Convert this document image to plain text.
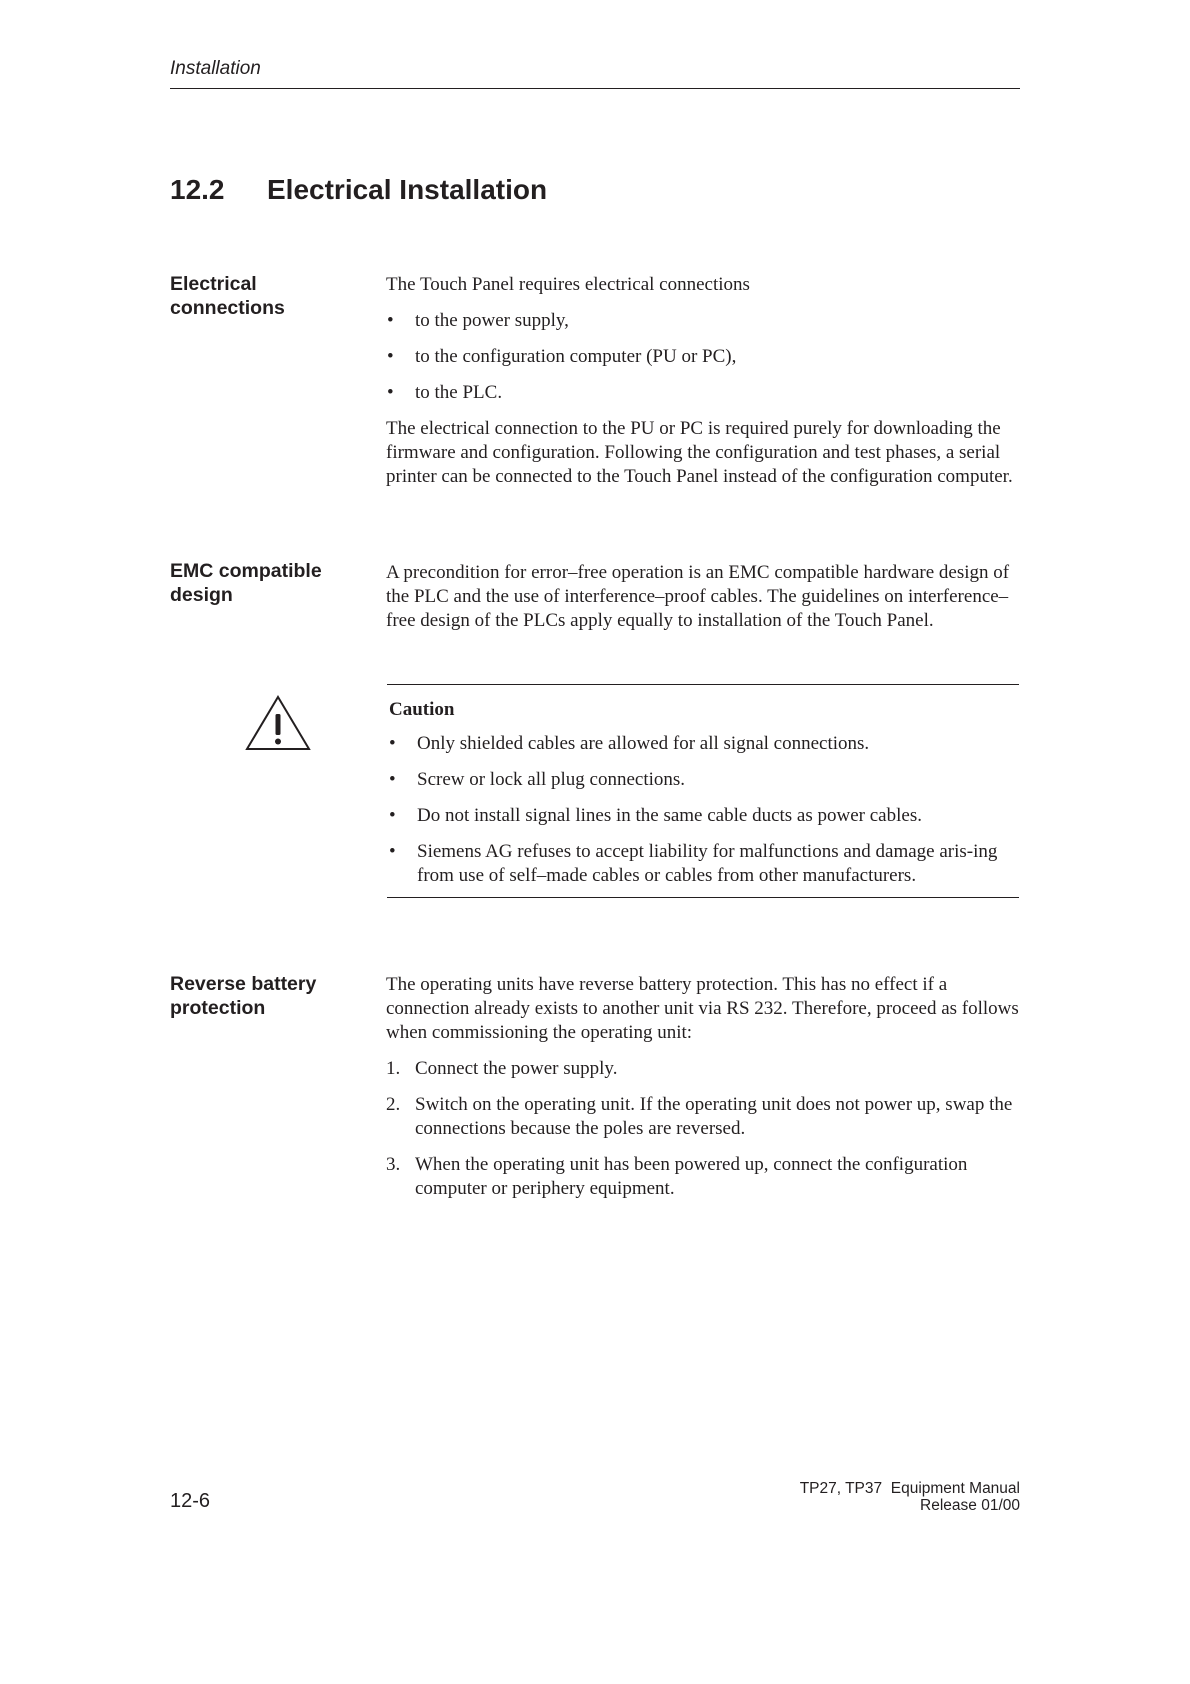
Installation
12.2 Electrical Installation
Electrical connections

The Touch Panel requires electrical connections

• to the power supply,
• to the configuration computer (PU or PC),
• to the PLC.

The electrical connection to the PU or PC is required purely for downloading the firmware and configuration. Following the configuration and test phases, a serial printer can be connected to the Touch Panel instead of the configuration computer.

EMC compatible design
A precondition for error–free operation is an EMC compatible hardware design of the PLC and the use of interference–proof cables. The guidelines on interference–free design of the PLCs apply equally to installation of the Touch Panel.
Caution
• Only shielded cables are allowed for all signal connections.
• Screw or lock all plug connections.
• Do not install signal lines in the same cable ducts as power cables.
• Siemens AG refuses to accept liability for malfunctions and damage aris-ing from use of self–made cables or cables from other manufacturers.
Reverse battery protection

The operating units have reverse battery protection. This has no effect if a connection already exists to another unit via RS 232. Therefore, proceed as follows when commissioning the operating unit:

1. Connect the power supply.
2. Switch on the operating unit. If the operating unit does not power up, swap the connections because the poles are reversed.
3. When the operating unit has been powered up, connect the configuration computer or periphery equipment.
12-6
TP27, TP37  Equipment Manual
Release 01/00
